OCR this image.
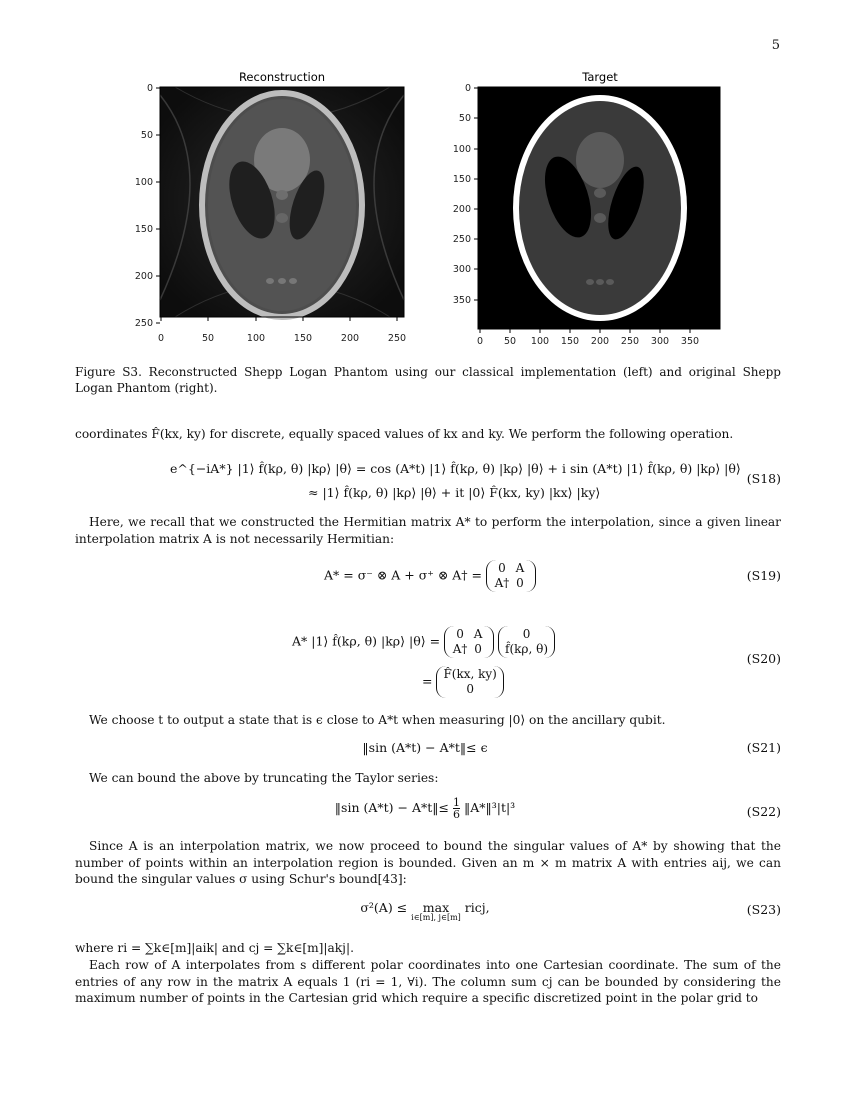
5
Reconstruction	Target
0
50
100
150
200
250
0	50	100	150	200	250
0
50
100
150
200
250
300
350
0 50 100 150 200 250 300 350
Figure S3. Reconstructed Shepp Logan Phantom using our classical implementation (left) and original Shepp Logan Phantom (right).
coordinates F̂(kx, ky) for discrete, equally spaced values of kx and ky. We perform the following operation.
e^{−iA*} |1⟩ f̂(kρ, θ) |kρ⟩ |θ⟩ = cos (A*t) |1⟩ f̂(kρ, θ) |kρ⟩ |θ⟩ + i sin (A*t) |1⟩ f̂(kρ, θ) |kρ⟩ |θ⟩
≈ |1⟩ f̂(kρ, θ) |kρ⟩ |θ⟩ + it |0⟩ F̂(kx, ky) |kx⟩ |ky⟩
(S18)
Here, we recall that we constructed the Hermitian matrix A* to perform the interpolation, since a given linear interpolation matrix A is not necessarily Hermitian:
A* = σ⁻ ⊗ A + σ⁺ ⊗ A† = 0 A
A† 0	(S19)
A* |1⟩ f̂(kρ, θ) |kρ⟩ |θ⟩ = 0 A
A† 0 0
f̂(kρ, θ)
= F̂(kx, ky)
0
(S20)
We choose t to output a state that is ϵ close to A*t when measuring |0⟩ on the ancillary qubit.
‖sin (A*t) − A*t‖≤ ϵ	(S21)
We can bound the above by truncating the Taylor series:
‖sin (A*t) − A*t‖≤ $\frac{1}{6}$ ‖A*‖³|t|³	(S22)
Since A is an interpolation matrix, we now proceed to bound the singular values of A* by showing that the number of points within an interpolation region is bounded. Given an m × m matrix A with entries aij, we can bound the singular values σ using Schur's bound[43]:
σ²(A) ≤	max
i∈[m], j∈[m]
ricj,	(S23)
where ri = ∑k∈[m]|aik| and cj = ∑k∈[m]|akj|.
Each row of A interpolates from s different polar coordinates into one Cartesian coordinate. The sum of the entries of any row in the matrix A equals 1 (ri = 1, ∀i). The column sum cj can be bounded by considering the maximum number of points in the Cartesian grid which require a specific discretized point in the polar grid to
